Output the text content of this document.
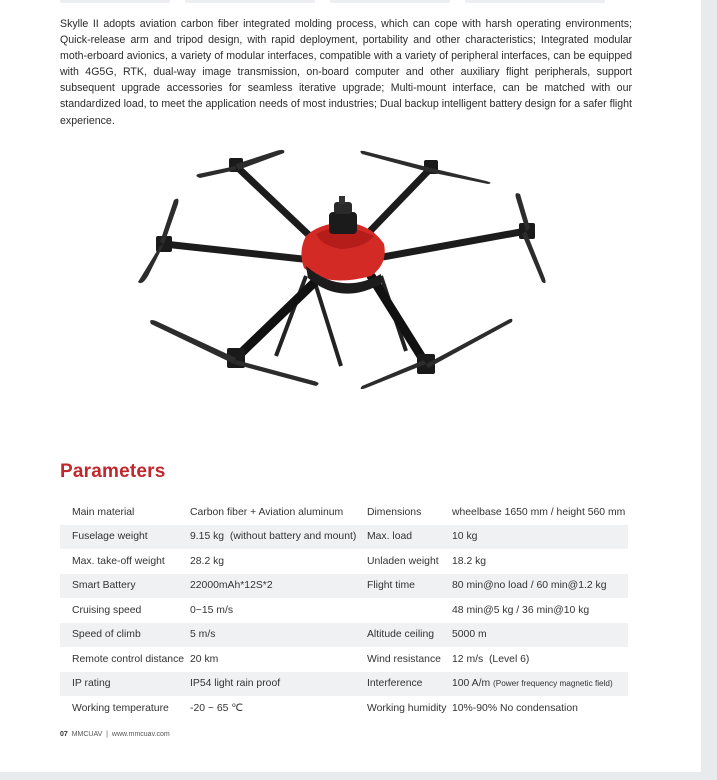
Skylle II adopts aviation carbon fiber integrated molding process, which can cope with harsh operating environments; Quick-release arm and tripod design, with rapid deployment, portability and other characteristics; Integrated modular moth-erboard avionics, a variety of modular interfaces, compatible with a variety of peripheral interfaces, can be equipped with 4G5G, RTK, dual-way image transmission, on-board computer and other auxiliary flight peripherals, support subsequent upgrade accessories for seamless iterative upgrade; Multi-mount interface, can be matched with our standardized load, to meet the application needs of most industries; Dual backup intelligent battery design for a safer flight experience.

Parameters
Main material	Carbon fiber + Aviation aluminum	Dimensions	wheelbase 1650 mm / height 560 mm
Fuselage weight	9.15 kg  (without battery and mount)	Max. load	10 kg
Max. take-off weight	28.2 kg	Unladen weight	18.2 kg
Smart Battery	22000mAh*12S*2	Flight time	80 min@no load / 60 min@1.2 kg
Cruising speed	0~15 m/s		48 min@5 kg / 36 min@10 kg
Speed of climb	5 m/s	Altitude ceiling	5000 m
Remote control distance	20 km	Wind resistance	12 m/s  (Level 6)
IP rating	IP54 light rain proof	Interference	100 A/m (Power frequency magnetic field)
Working temperature	-20 ~ 65 ℃	Working humidity	10%-90% No condensation
07 MMCUAV | www.mmcuav.com
